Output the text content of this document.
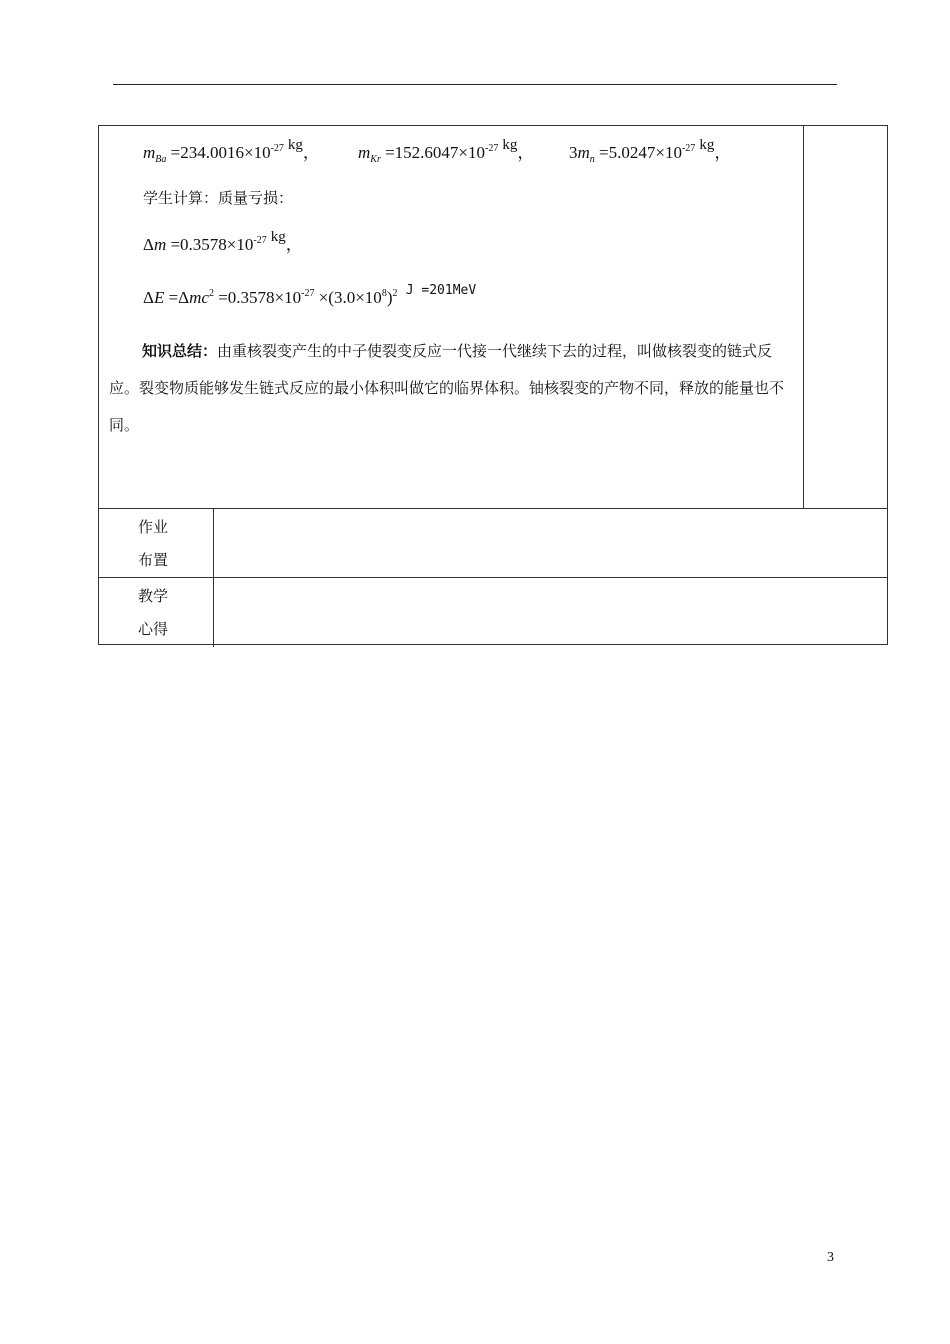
$m_{Ba} =234.0016\times 10^{-27}$ kg， $m_{Kr} =152.6047\times 10^{-27}$ kg， $3m_n =5.0247\times 10^{-27}$ kg，
学生计算：质量亏损：
$\Delta m =0.3578\times 10^{-27}$ kg，
$\Delta E =\Delta mc^2 =0.3578\times 10^{-27} \times(3.0\times 10^8)^2$ $^{J =201MeV}$
知识总结：由重核裂变产生的中子使裂变反应一代接一代继续下去的过程，叫做核裂变的链式反应。裂变物质能够发生链式反应的最小体积叫做它的临界体积。铀核裂变的产物不同，释放的能量也不同。
作业
布置
教学
心得
3
